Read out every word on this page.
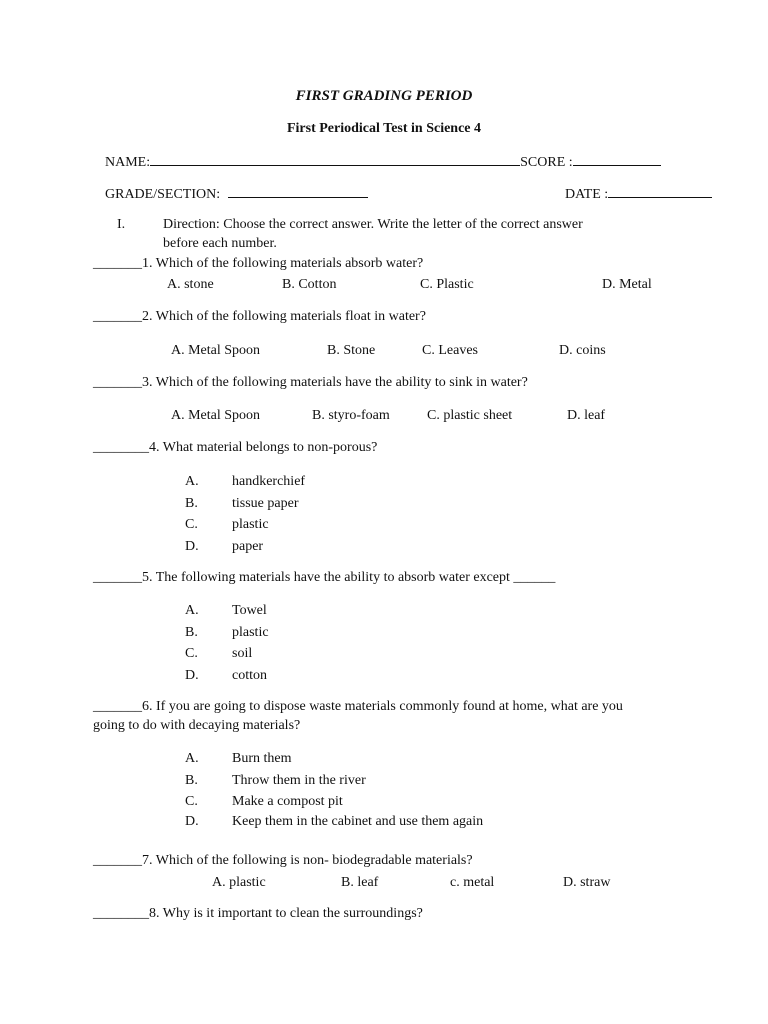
FIRST GRADING PERIOD
First Periodical Test in Science 4
NAME:	SCORE :
GRADE/SECTION:	DATE :
I.	Direction: Choose the correct answer. Write the letter of the correct answer
before each number.
_______1. Which of the following materials absorb water?
A. stone	B. Cotton	C. Plastic	D. Metal
_______2. Which of the following materials float in water?
A. Metal Spoon	B. Stone	C. Leaves	D. coins
_______3. Which of the following materials have the ability to sink in water?
A. Metal Spoon	B. styro-foam	C. plastic sheet	D. leaf
________4. What material belongs to non-porous?
A. handkerchief
B. tissue paper
C. plastic
D. paper
_______5. The following materials have the ability to absorb water except ______
A. Towel
B. plastic
C. soil
D. cotton
_______6. If you are going to dispose waste materials commonly found at home, what are you
going to do with decaying materials?
A. Burn them
B. Throw them in the river
C. Make a compost pit
D. Keep them in the cabinet and use them again
_______7. Which of the following is non- biodegradable materials?
A. plastic	B. leaf	c. metal	D. straw
________8. Why is it important to clean the surroundings?
